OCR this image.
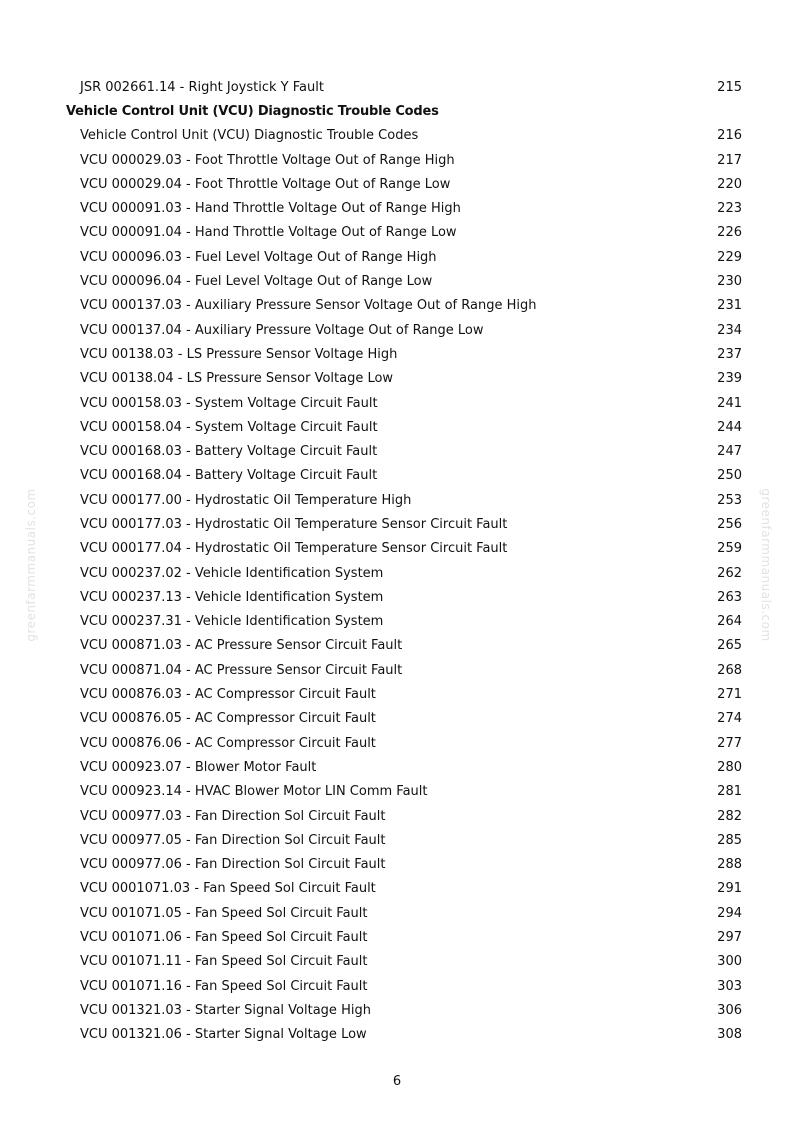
greenfarmmanuals.com	greenfarmmanuals.com
JSR 002661.14 - Right Joystick Y Fault	215
Vehicle Control Unit (VCU) Diagnostic Trouble Codes
Vehicle Control Unit (VCU) Diagnostic Trouble Codes	216
VCU 000029.03 - Foot Throttle Voltage Out of Range High	217
VCU 000029.04 - Foot Throttle Voltage Out of Range Low	220
VCU 000091.03 - Hand Throttle Voltage Out of Range High	223
VCU 000091.04 - Hand Throttle Voltage Out of Range Low	226
VCU 000096.03 - Fuel Level Voltage Out of Range High	229
VCU 000096.04 - Fuel Level Voltage Out of Range Low	230
VCU 000137.03 - Auxiliary Pressure Sensor Voltage Out of Range High	231
VCU 000137.04 - Auxiliary Pressure Voltage Out of Range Low	234
VCU 00138.03 - LS Pressure Sensor Voltage High	237
VCU 00138.04 - LS Pressure Sensor Voltage Low	239
VCU 000158.03 - System Voltage Circuit Fault	241
VCU 000158.04 - System Voltage Circuit Fault	244
VCU 000168.03 - Battery Voltage Circuit Fault	247
VCU 000168.04 - Battery Voltage Circuit Fault	250
VCU 000177.00 - Hydrostatic Oil Temperature High	253
VCU 000177.03 - Hydrostatic Oil Temperature Sensor Circuit Fault	256
VCU 000177.04 - Hydrostatic Oil Temperature Sensor Circuit Fault	259
VCU 000237.02 - Vehicle Identification System	262
VCU 000237.13 - Vehicle Identification System	263
VCU 000237.31 - Vehicle Identification System	264
VCU 000871.03 - AC Pressure Sensor Circuit Fault	265
VCU 000871.04 - AC Pressure Sensor Circuit Fault	268
VCU 000876.03 - AC Compressor Circuit Fault	271
VCU 000876.05 - AC Compressor Circuit Fault	274
VCU 000876.06 - AC Compressor Circuit Fault	277
VCU 000923.07 - Blower Motor Fault	280
VCU 000923.14 - HVAC Blower Motor LIN Comm Fault	281
VCU 000977.03 - Fan Direction Sol Circuit Fault	282
VCU 000977.05 - Fan Direction Sol Circuit Fault	285
VCU 000977.06 - Fan Direction Sol Circuit Fault	288
VCU 0001071.03 - Fan Speed Sol Circuit Fault	291
VCU 001071.05 - Fan Speed Sol Circuit Fault	294
VCU 001071.06 - Fan Speed Sol Circuit Fault	297
VCU 001071.11 - Fan Speed Sol Circuit Fault	300
VCU 001071.16 - Fan Speed Sol Circuit Fault	303
VCU 001321.03 - Starter Signal Voltage High	306
VCU 001321.06 - Starter Signal Voltage Low	308
6
